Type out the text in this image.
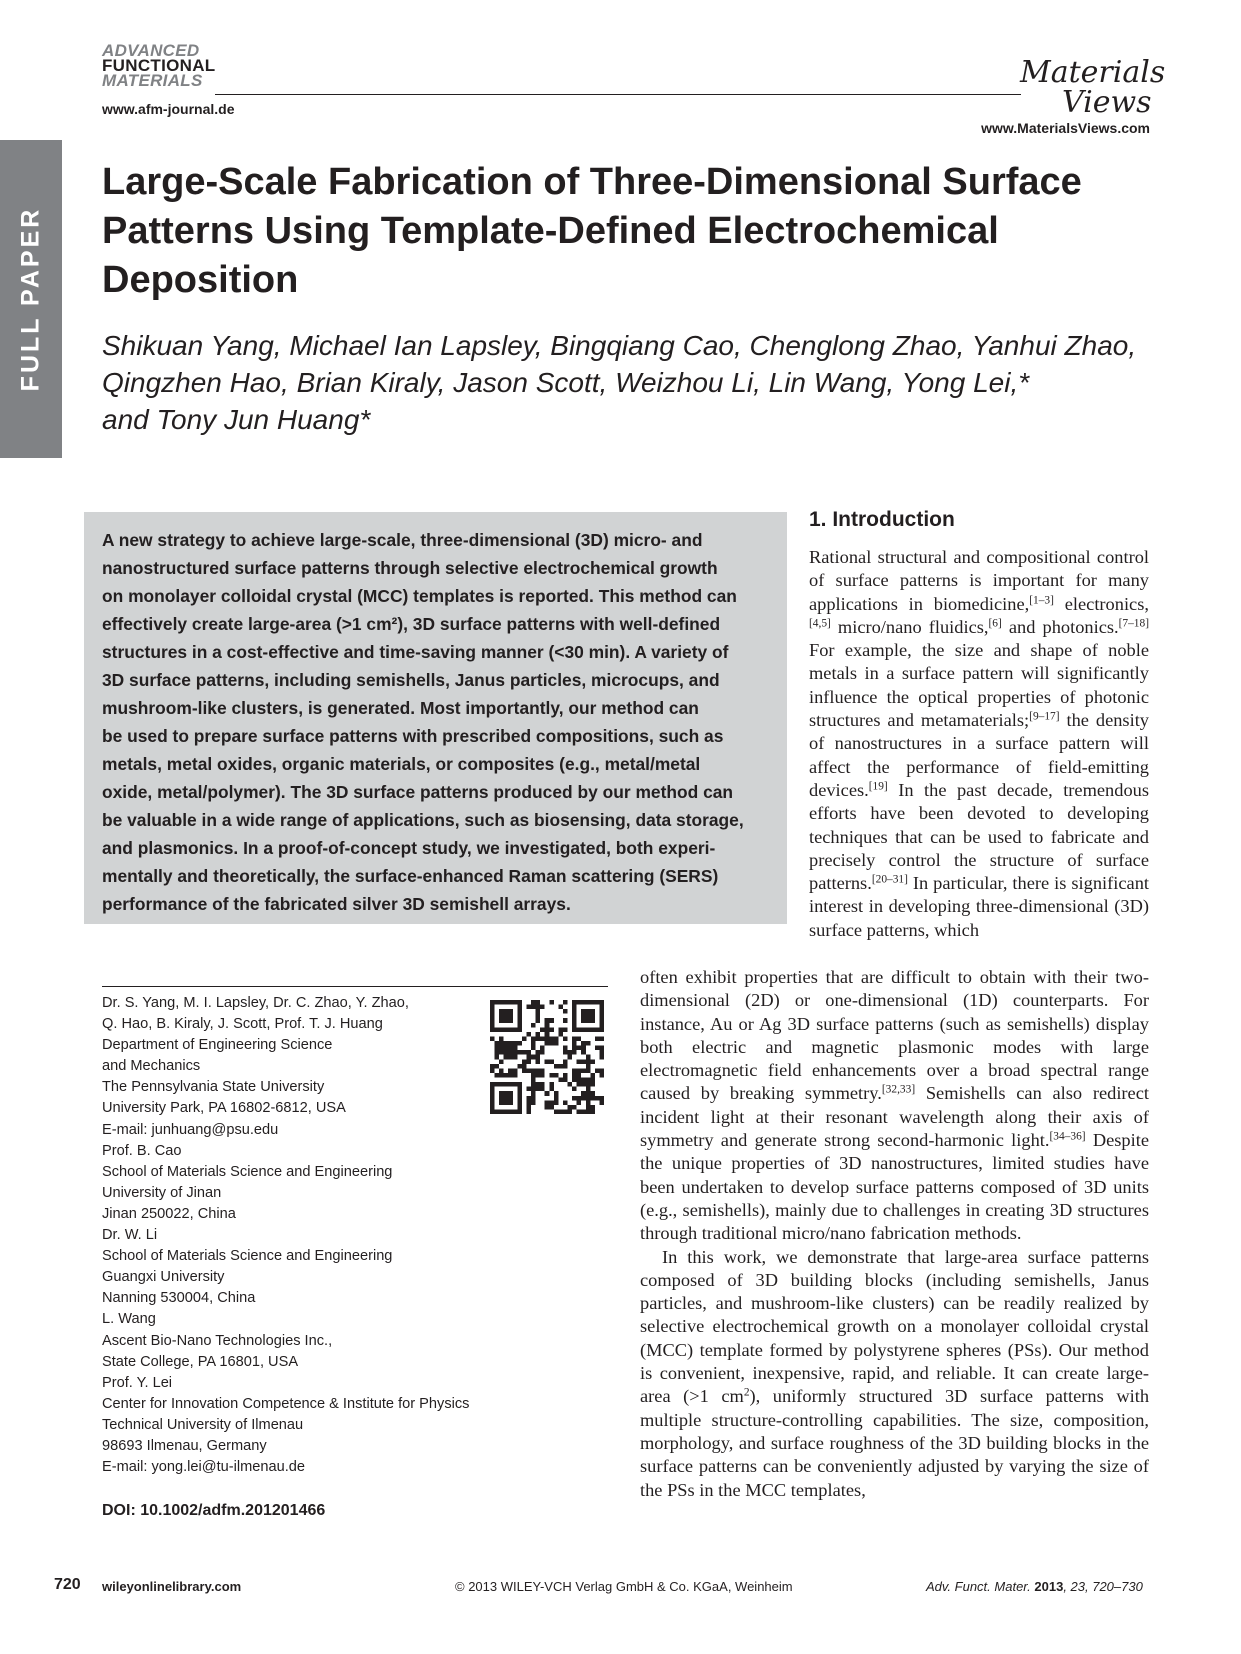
FULL PAPER
ADVANCED
FUNCTIONAL
MATERIALS
www.afm-journal.de
Materials
Views
www.MaterialsViews.com
Large-Scale Fabrication of Three-Dimensional Surface
Patterns Using Template-Defined Electrochemical
Deposition
Shikuan Yang, Michael Ian Lapsley, Bingqiang Cao, Chenglong Zhao, Yanhui Zhao,
Qingzhen Hao, Brian Kiraly, Jason Scott, Weizhou Li, Lin Wang, Yong Lei,*
and Tony Jun Huang*
A new strategy to achieve large-scale, three-dimensional (3D) micro- and
nanostructured surface patterns through selective electrochemical growth
on monolayer colloidal crystal (MCC) templates is reported. This method can
effectively create large-area (>1 cm²), 3D surface patterns with well-defined
structures in a cost-effective and time-saving manner (<30 min). A variety of
3D surface patterns, including semishells, Janus particles, microcups, and
mushroom-like clusters, is generated. Most importantly, our method can
be used to prepare surface patterns with prescribed compositions, such as
metals, metal oxides, organic materials, or composites (e.g., metal/metal
oxide, metal/polymer). The 3D surface patterns produced by our method can
be valuable in a wide range of applications, such as biosensing, data storage,
and plasmonics. In a proof-of-concept study, we investigated, both experi-
mentally and theoretically, the surface-enhanced Raman scattering (SERS)
performance of the fabricated silver 3D semishell arrays.
1. Introduction
Rational structural and compositional control of surface patterns is important for many applications in biomedicine,[1–3] electronics,[4,5] micro/nano fluidics,[6] and photonics.[7–18] For example, the size and shape of noble metals in a surface pattern will significantly influence the optical properties of photonic structures and metamaterials;[9–17] the density of nanostructures in a surface pattern will affect the performance of field-emitting devices.[19] In the past decade, tremendous efforts have been devoted to developing techniques that can be used to fabricate and precisely control the structure of surface patterns.[20–31] In particular, there is significant interest in developing three-dimensional (3D) surface patterns, which

often exhibit properties that are difficult to obtain with their two-dimensional (2D) or one-dimensional (1D) counterparts. For instance, Au or Ag 3D surface patterns (such as semishells) display both electric and magnetic plasmonic modes with large electromagnetic field enhancements over a broad spectral range caused by breaking symmetry.[32,33] Semishells can also redirect incident light at their resonant wavelength along their axis of symmetry and generate strong second-harmonic light.[34–36] Despite the unique properties of 3D nanostructures, limited studies have been undertaken to develop surface patterns composed of 3D units (e.g., semishells), mainly due to challenges in creating 3D structures through traditional micro/nano fabrication methods.

In this work, we demonstrate that large-area surface patterns composed of 3D building blocks (including semishells, Janus particles, and mushroom-like clusters) can be readily realized by selective electrochemical growth on a monolayer colloidal crystal (MCC) template formed by polystyrene spheres (PSs). Our method is convenient, inexpensive, rapid, and reliable. It can create large-area (>1 $cm^2$), uniformly structured 3D surface patterns with multiple structure-controlling capabilities. The size, composition, morphology, and surface roughness of the 3D building blocks in the surface patterns can be conveniently adjusted by varying the size of the PSs in the MCC templates,

Dr. S. Yang, M. I. Lapsley, Dr. C. Zhao, Y. Zhao,
Q. Hao, B. Kiraly, J. Scott, Prof. T. J. Huang
Department of Engineering Science
and Mechanics
The Pennsylvania State University
University Park, PA 16802-6812, USA
E-mail: junhuang@psu.edu
Prof. B. Cao
School of Materials Science and Engineering
University of Jinan
Jinan 250022, China
Dr. W. Li
School of Materials Science and Engineering
Guangxi University
Nanning 530004, China
L. Wang
Ascent Bio-Nano Technologies Inc.,
State College, PA 16801, USA
Prof. Y. Lei
Center for Innovation Competence & Institute for Physics
Technical University of Ilmenau
98693 Ilmenau, Germany
E-mail: yong.lei@tu-ilmenau.de
DOI: 10.1002/adfm.201201466
720 wileyonlinelibrary.com	© 2013 WILEY-VCH Verlag GmbH & Co. KGaA, Weinheim	Adv. Funct. Mater. 2013, 23, 720–730
